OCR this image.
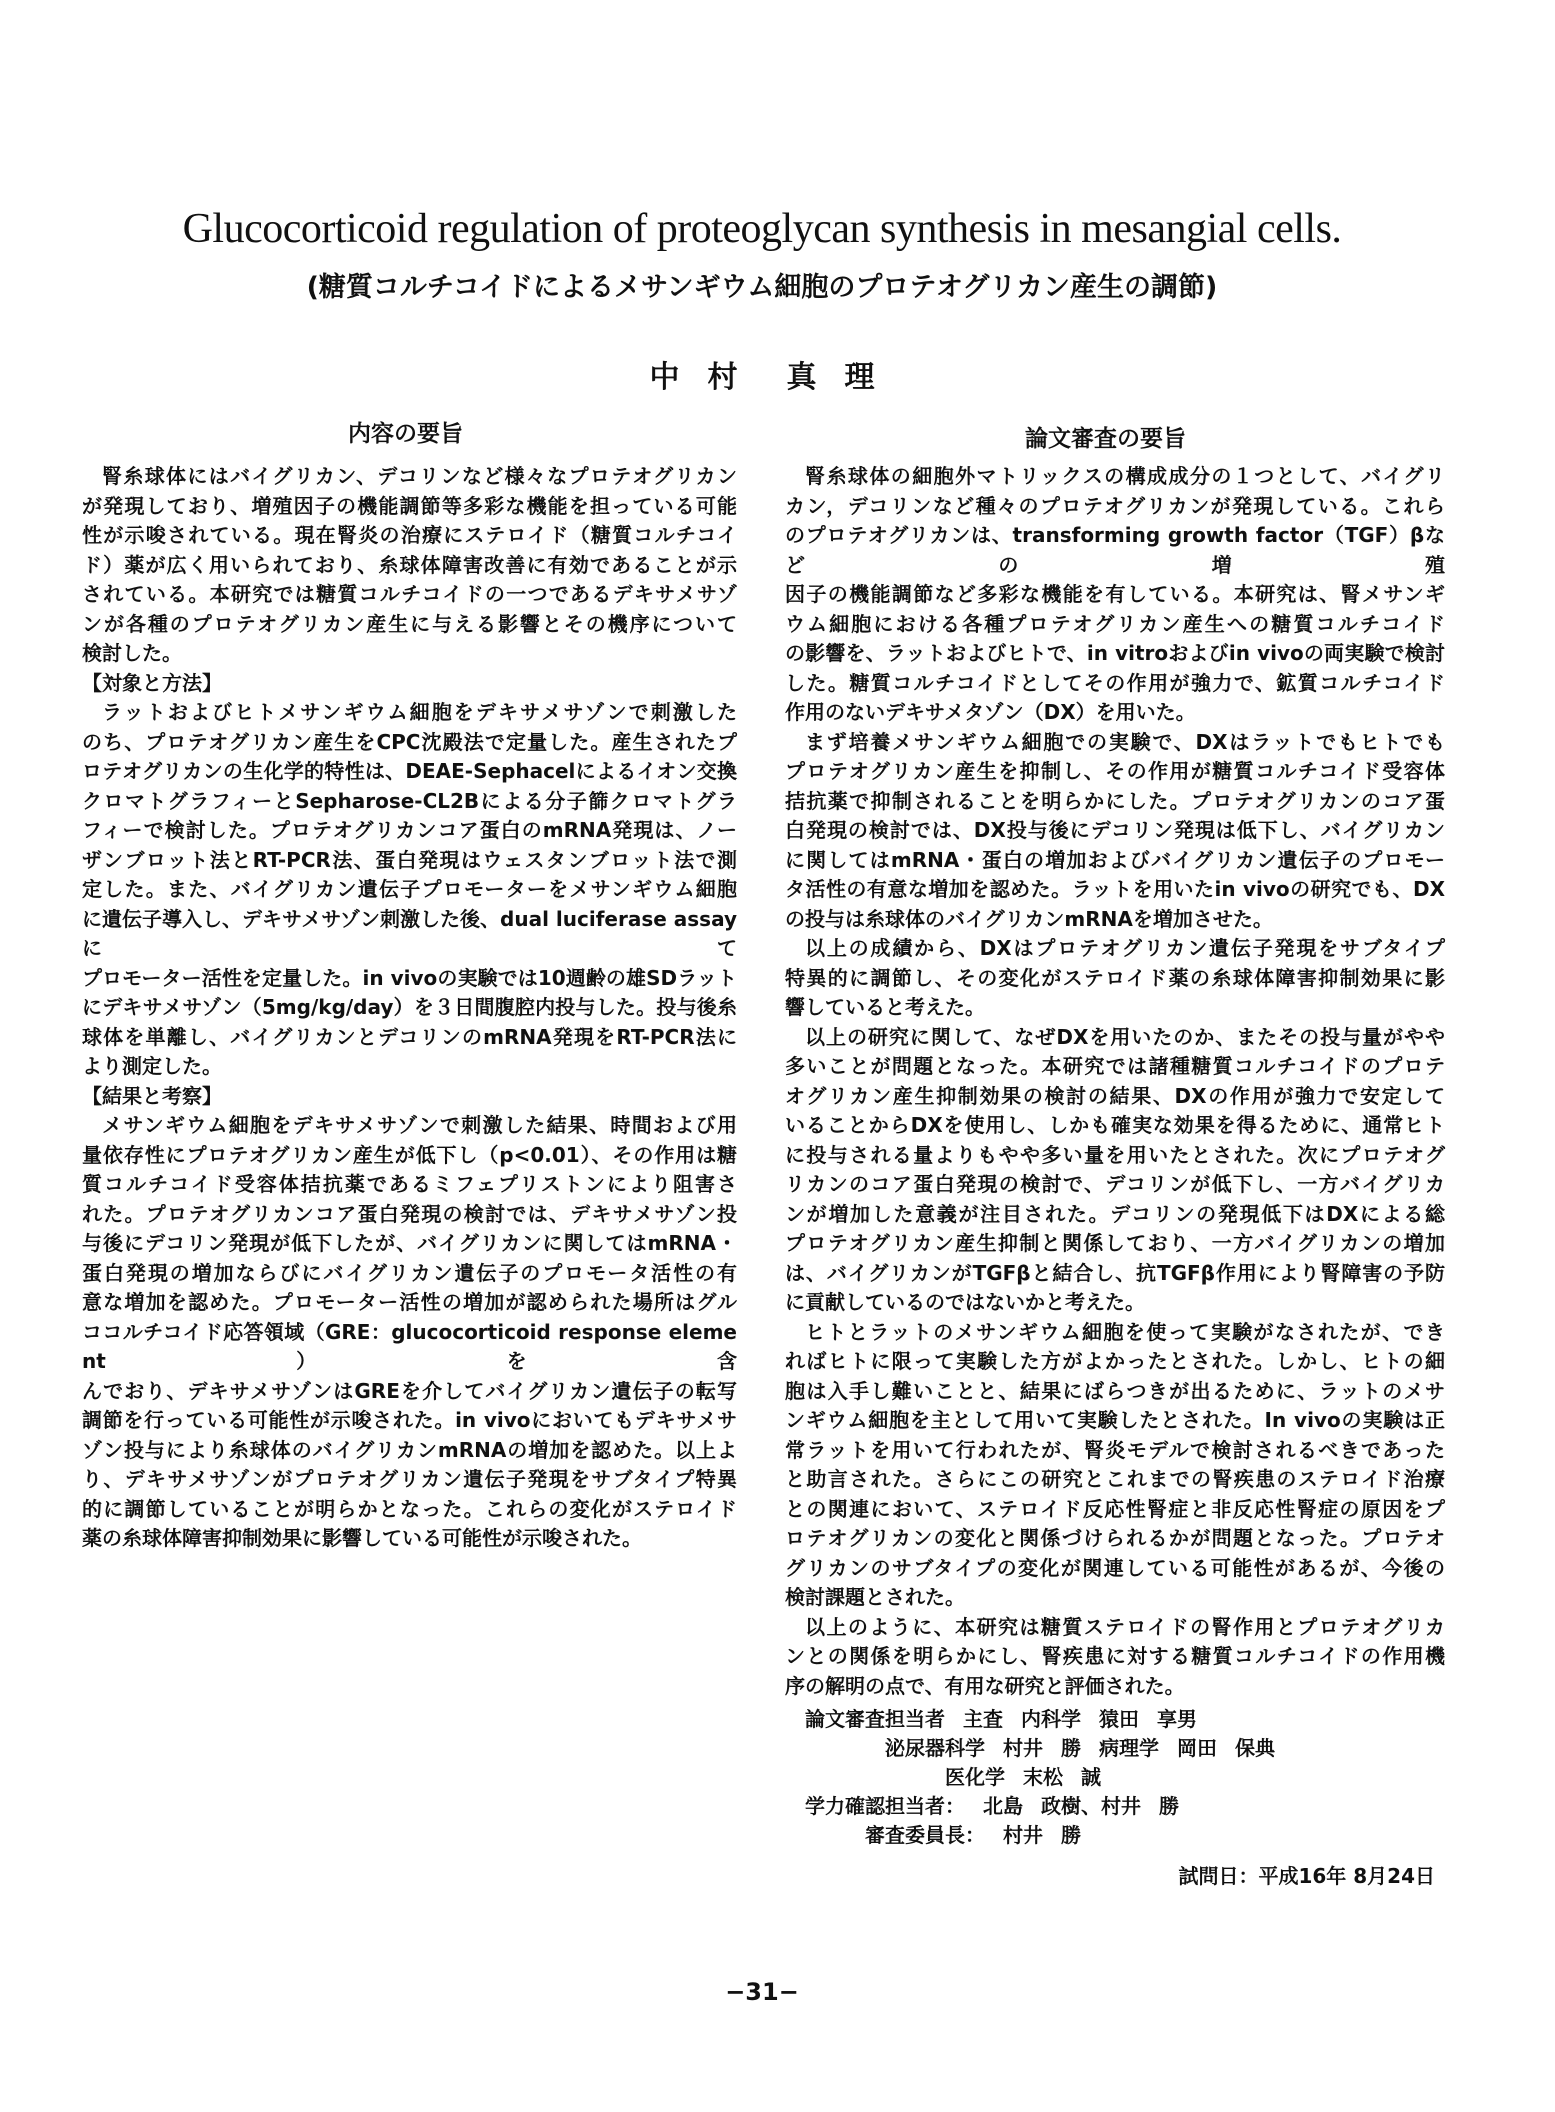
Glucocorticoid regulation of proteoglycan synthesis in mesangial cells.
(糖質コルチコイドによるメサンギウム細胞のプロテオグリカン産生の調節)
中 村 真 理
内容の要旨	論文審査の要旨
腎糸球体にはバイグリカン、デコリンなど様々なプロテオグリカン
が発現しており、増殖因子の機能調節等多彩な機能を担っている可能
性が示唆されている。現在腎炎の治療にステロイド（糖質コルチコイ
ド）薬が広く用いられており、糸球体障害改善に有効であることが示
されている。本研究では糖質コルチコイドの一つであるデキサメサゾ
ンが各種のプロテオグリカン産生に与える影響とその機序について
検討した。
【対象と方法】
ラットおよびヒトメサンギウム細胞をデキサメサゾンで刺激した
のち、プロテオグリカン産生をCPC沈殿法で定量した。産生されたプ
ロテオグリカンの生化学的特性は、DEAE-Sephacelによるイオン交換
クロマトグラフィーとSepharose-CL2Bによる分子篩クロマトグラ
フィーで検討した。プロテオグリカンコア蛋白のmRNA発現は、ノー
ザンブロット法とRT-PCR法、蛋白発現はウェスタンブロット法で測
定した。また、バイグリカン遺伝子プロモーターをメサンギウム細胞
に遺伝子導入し、デキサメサゾン刺激した後、dual luciferase assayにて
プロモーター活性を定量した。in vivoの実験では10週齢の雄SDラット
にデキサメサゾン（5mg/kg/day）を３日間腹腔内投与した。投与後糸
球体を単離し、バイグリカンとデコリンのmRNA発現をRT-PCR法に
より測定した。
【結果と考察】
メサンギウム細胞をデキサメサゾンで刺激した結果、時間および用
量依存性にプロテオグリカン産生が低下し（p<0.01）、その作用は糖
質コルチコイド受容体拮抗薬であるミフェプリストンにより阻害さ
れた。プロテオグリカンコア蛋白発現の検討では、デキサメサゾン投
与後にデコリン発現が低下したが、バイグリカンに関してはmRNA・
蛋白発現の増加ならびにバイグリカン遺伝子のプロモータ活性の有
意な増加を認めた。プロモーター活性の増加が認められた場所はグル
ココルチコイド応答領域（GRE：glucocorticoid response element）を含
んでおり、デキサメサゾンはGREを介してバイグリカン遺伝子の転写
調節を行っている可能性が示唆された。in vivoにおいてもデキサメサ
ゾン投与により糸球体のバイグリカンmRNAの増加を認めた。以上よ
り、デキサメサゾンがプロテオグリカン遺伝子発現をサブタイプ特異
的に調節していることが明らかとなった。これらの変化がステロイド
薬の糸球体障害抑制効果に影響している可能性が示唆された。
腎糸球体の細胞外マトリックスの構成成分の１つとして、バイグリ
カン，デコリンなど種々のプロテオグリカンが発現している。これら
のプロテオグリカンは、transforming growth factor（TGF）βなどの増殖
因子の機能調節など多彩な機能を有している。本研究は、腎メサンギ
ウム細胞における各種プロテオグリカン産生への糖質コルチコイド
の影響を、ラットおよびヒトで、in vitroおよびin vivoの両実験で検討
した。糖質コルチコイドとしてその作用が強力で、鉱質コルチコイド
作用のないデキサメタゾン（DX）を用いた。
まず培養メサンギウム細胞での実験で、DXはラットでもヒトでも
プロテオグリカン産生を抑制し、その作用が糖質コルチコイド受容体
拮抗薬で抑制されることを明らかにした。プロテオグリカンのコア蛋
白発現の検討では、DX投与後にデコリン発現は低下し、バイグリカン
に関してはmRNA・蛋白の増加およびバイグリカン遺伝子のプロモー
タ活性の有意な増加を認めた。ラットを用いたin vivoの研究でも、DX
の投与は糸球体のバイグリカンmRNAを増加させた。
以上の成績から、DXはプロテオグリカン遺伝子発現をサブタイプ
特異的に調節し、その変化がステロイド薬の糸球体障害抑制効果に影
響していると考えた。
以上の研究に関して、なぜDXを用いたのか、またその投与量がやや
多いことが問題となった。本研究では諸種糖質コルチコイドのプロテ
オグリカン産生抑制効果の検討の結果、DXの作用が強力で安定して
いることからDXを使用し、しかも確実な効果を得るために、通常ヒト
に投与される量よりもやや多い量を用いたとされた。次にプロテオグ
リカンのコア蛋白発現の検討で、デコリンが低下し、一方バイグリカ
ンが増加した意義が注目された。デコリンの発現低下はDXによる総
プロテオグリカン産生抑制と関係しており、一方バイグリカンの増加
は、バイグリカンがTGFβと結合し、抗TGFβ作用により腎障害の予防
に貢献しているのではないかと考えた。
ヒトとラットのメサンギウム細胞を使って実験がなされたが、でき
ればヒトに限って実験した方がよかったとされた。しかし、ヒトの細
胞は入手し難いことと、結果にばらつきが出るために、ラットのメサ
ンギウム細胞を主として用いて実験したとされた。In vivoの実験は正
常ラットを用いて行われたが、腎炎モデルで検討されるべきであった
と助言された。さらにこの研究とこれまでの腎疾患のステロイド治療
との関連において、ステロイド反応性腎症と非反応性腎症の原因をプ
ロテオグリカンの変化と関係づけられるかが問題となった。プロテオ
グリカンのサブタイプの変化が関連している可能性があるが、今後の
検討課題とされた。
以上のように、本研究は糖質ステロイドの腎作用とプロテオグリカ
ンとの関係を明らかにし、腎疾患に対する糖質コルチコイドの作用機
序の解明の点で、有用な研究と評価された。
論文審査担当者 主査 内科学 猿田 享男
泌尿器科学 村井 勝 病理学 岡田 保典
医化学 末松 誠
学力確認担当者： 北島 政樹、村井 勝
審査委員長： 村井 勝
試問日：平成16年 8月24日
−31−
